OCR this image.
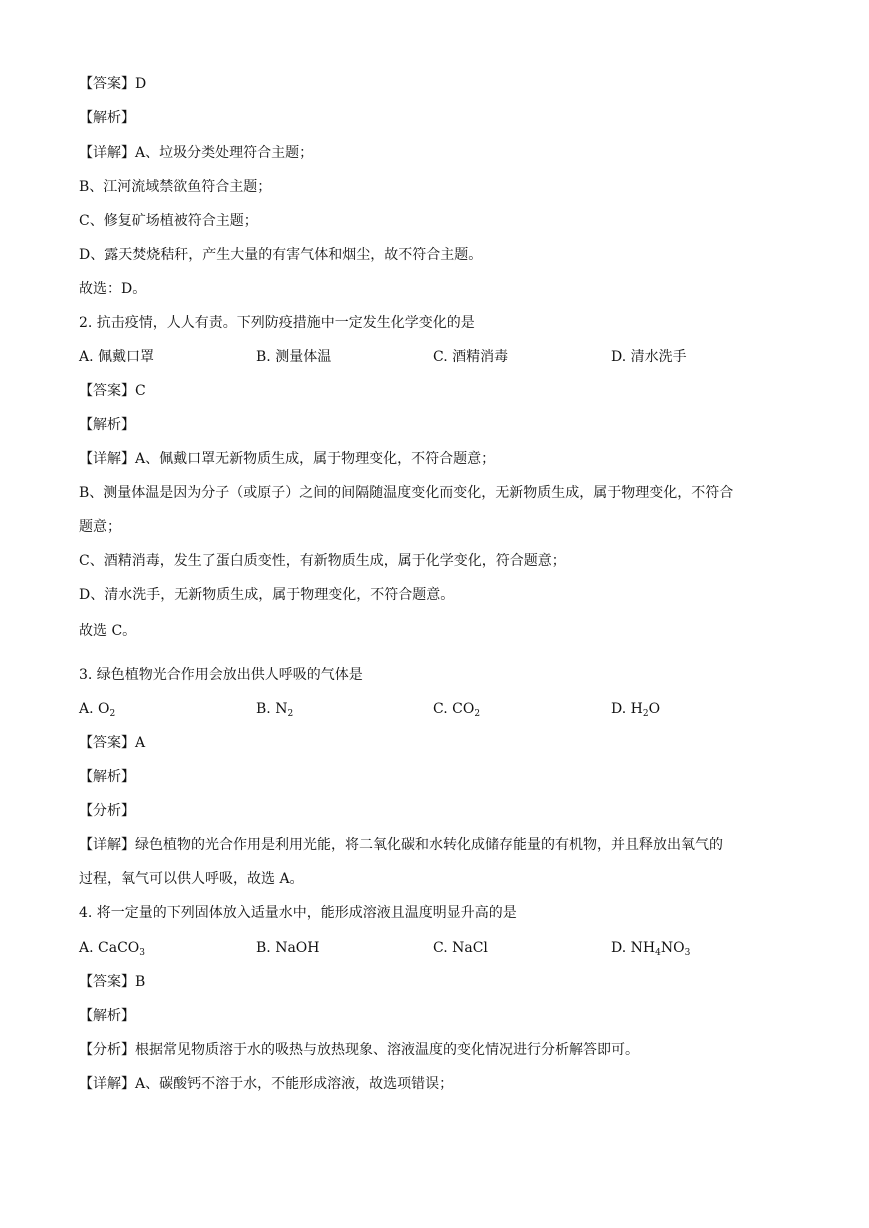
【答案】D
【解析】
【详解】A、垃圾分类处理符合主题；
B、江河流域禁欲鱼符合主题；
C、修复矿场植被符合主题；
D、露天焚烧秸秆，产生大量的有害气体和烟尘，故不符合主题。
故选：D。
2. 抗击疫情，人人有责。下列防疫措施中一定发生化学变化的是
A. 佩戴口罩	B. 测量体温	C. 酒精消毒	D. 清水洗手
【答案】C
【解析】
【详解】A、佩戴口罩无新物质生成，属于物理变化，不符合题意；
B、测量体温是因为分子（或原子）之间的间隔随温度变化而变化，无新物质生成，属于物理变化，不符合
题意；
C、酒精消毒，发生了蛋白质变性，有新物质生成，属于化学变化，符合题意；
D、清水洗手，无新物质生成，属于物理变化，不符合题意。
故选 C。
3. 绿色植物光合作用会放出供人呼吸的气体是
A. $O_2$	B. $N_2$	C. $CO_2$	D. $H_2O$
【答案】A
【解析】
【分析】
【详解】绿色植物的光合作用是利用光能，将二氧化碳和水转化成储存能量的有机物，并且释放出氧气的
过程，氧气可以供人呼吸，故选 A。
4. 将一定量的下列固体放入适量水中，能形成溶液且温度明显升高的是
A. CaCO$_3$	B. NaOH	C. NaCl	D. $NH_4NO_3$
【答案】B
【解析】
【分析】根据常见物质溶于水的吸热与放热现象、溶液温度的变化情况进行分析解答即可。
【详解】A、碳酸钙不溶于水，不能形成溶液，故选项错误；
